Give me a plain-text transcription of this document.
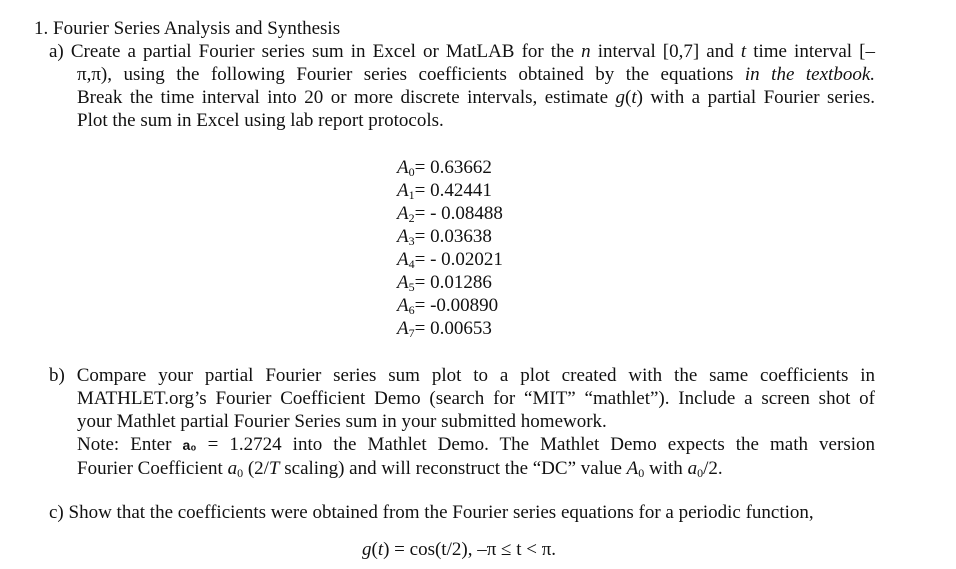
1. Fourier Series Analysis and Synthesis
a) Create a partial Fourier series sum in Excel or MatLAB for the n interval [0,7] and t time interval [–
π,π), using the following Fourier series coefficients obtained by the equations in the textbook.
Break the time interval into 20 or more discrete intervals, estimate g(t) with a partial Fourier series.
Plot the sum in Excel using lab report protocols.
$A_0= 0.63662$
$A_1= 0.42441$
$A_2= - 0.08488$
$A_3= 0.03638$
$A_4= - 0.02021$
$A_5= 0.01286$
$A_6= -0.00890$
$A_7= 0.00653$
b) Compare your partial Fourier series sum plot to a plot created with the same coefficients in
MATHLET.org’s Fourier Coefficient Demo (search for “MIT” “mathlet”). Include a screen shot of
your Mathlet partial Fourier Series sum in your submitted homework.
Note: Enter a₀ = 1.2724 into the Mathlet Demo. The Mathlet Demo expects the math version
Fourier Coefficient $a_0$ (2/T scaling) and will reconstruct the “DC” value $A_0$ with $a_0/2$.
c) Show that the coefficients were obtained from the Fourier series equations for a periodic function,
g(t) = cos(t/2), –π ≤ t < π.
